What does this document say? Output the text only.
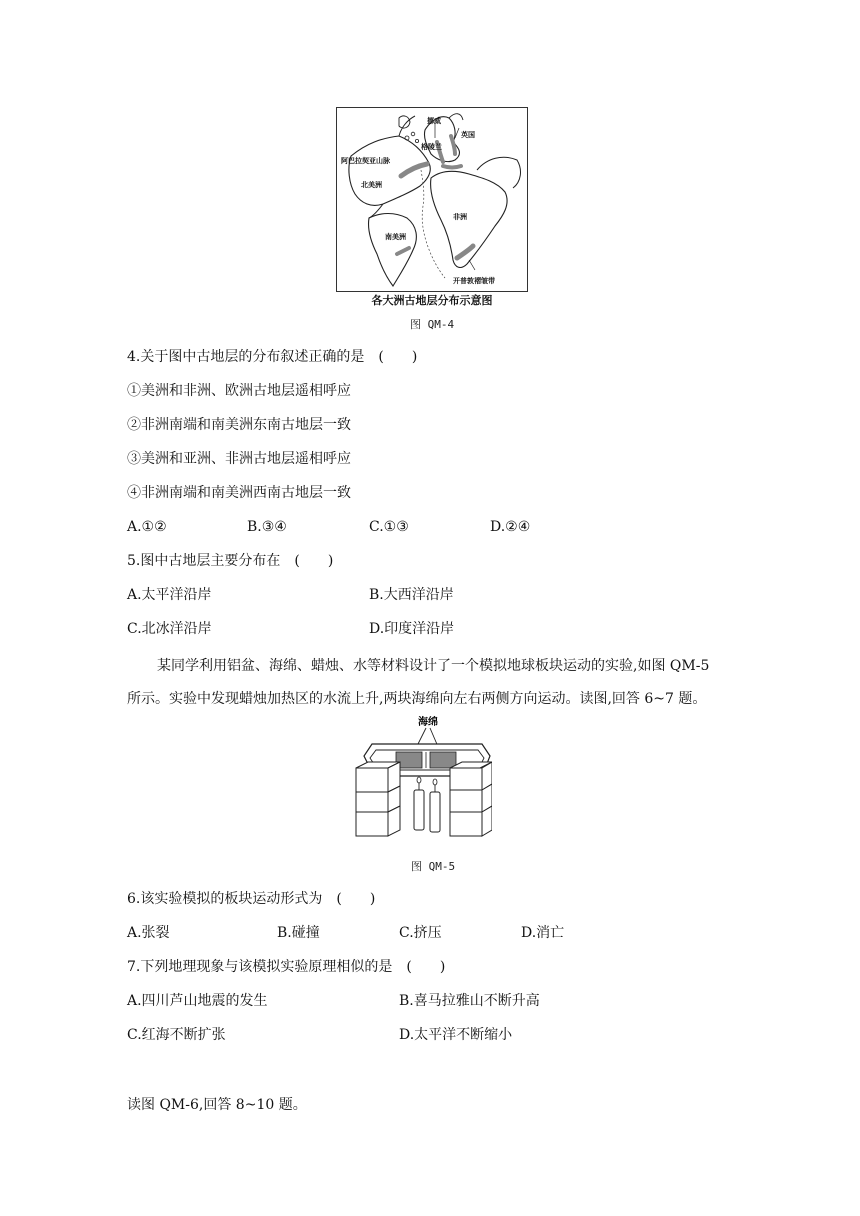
挪威
英国
格陵兰
阿巴拉契亚山脉
北美洲
非洲
南美洲
开普敦褶皱带
各大洲古地层分布示意图
图 QM-4
4.关于图中古地层的分布叙述正确的是　(　　)
①美洲和非洲、欧洲古地层遥相呼应
②非洲南端和南美洲东南古地层一致
③美洲和亚洲、非洲古地层遥相呼应
④非洲南端和南美洲西南古地层一致
A.①②	B.③④	C.①③	D.②④
5.图中古地层主要分布在　(　　)
A.太平洋沿岸	B.大西洋沿岸
C.北冰洋沿岸	D.印度洋沿岸
某同学利用铝盆、海绵、蜡烛、水等材料设计了一个模拟地球板块运动的实验,如图 QM-5
所示。实验中发现蜡烛加热区的水流上升,两块海绵向左右两侧方向运动。读图,回答 6~7 题。
海绵
图 QM-5
6.该实验模拟的板块运动形式为　(　　)
A.张裂	B.碰撞	C.挤压	D.消亡
7.下列地理现象与该模拟实验原理相似的是　(　　)
A.四川芦山地震的发生	B.喜马拉雅山不断升高
C.红海不断扩张	D.太平洋不断缩小
读图 QM-6,回答 8~10 题。
